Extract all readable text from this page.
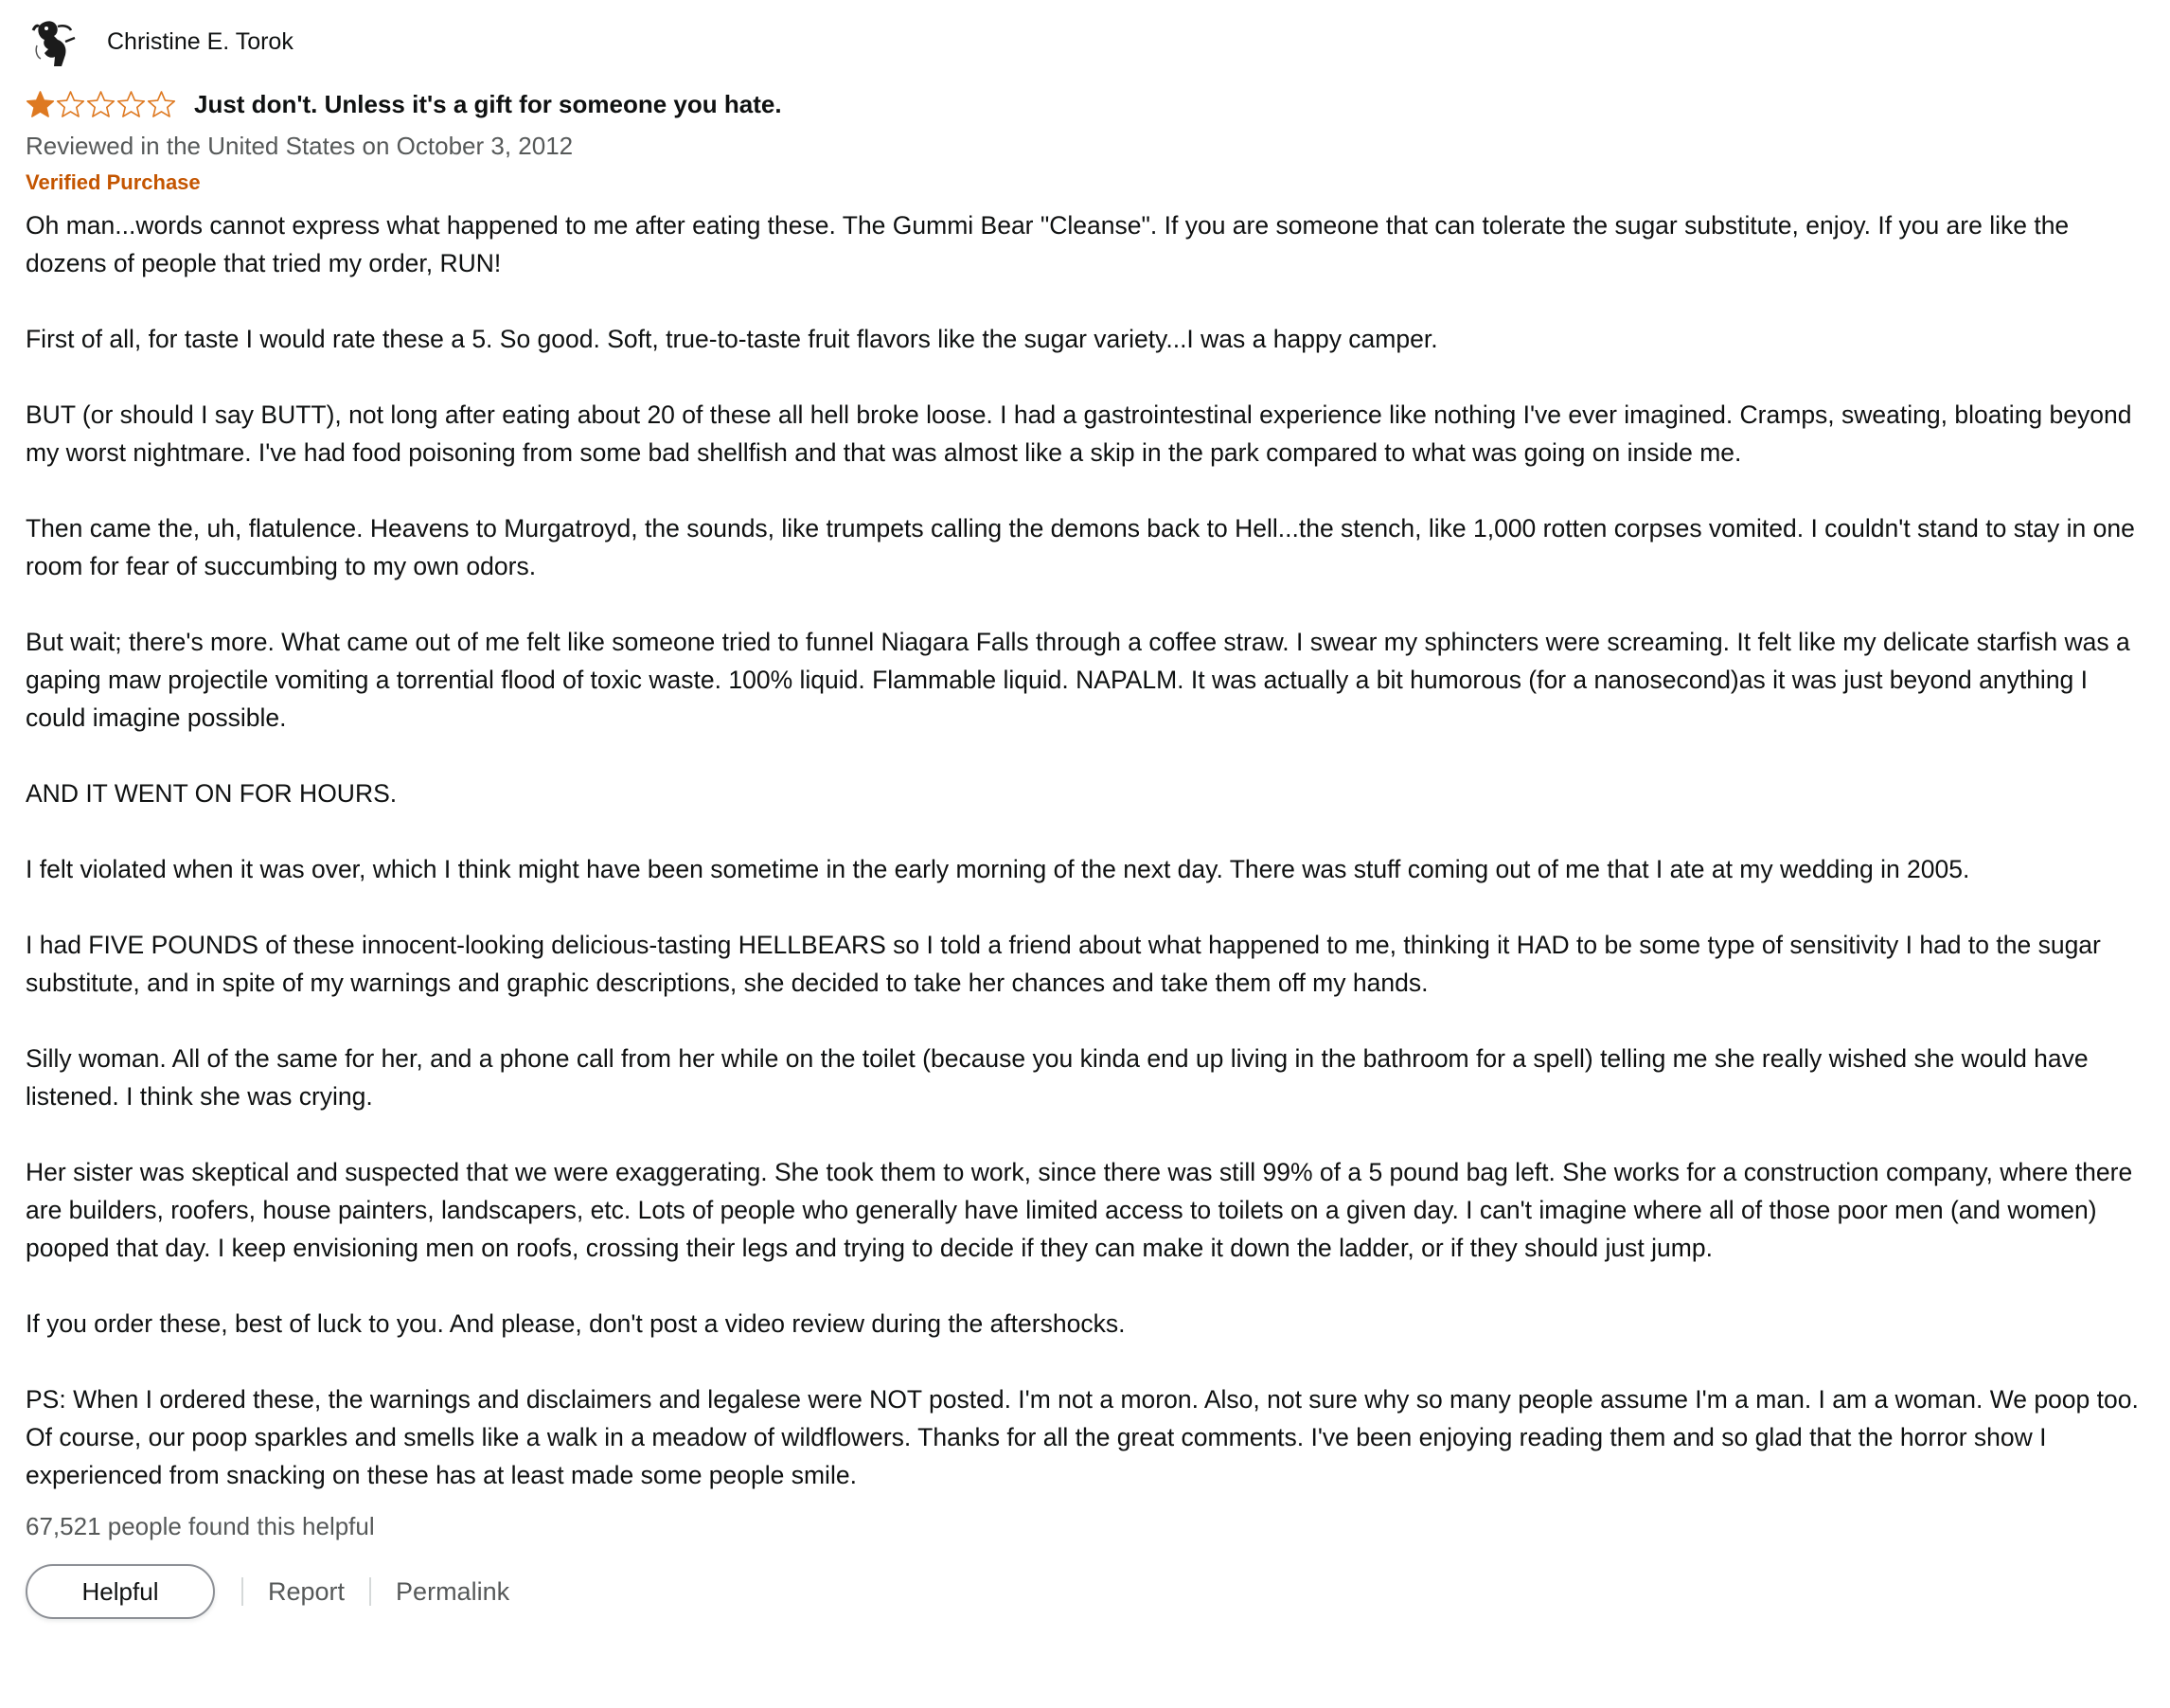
Christine E. Torok
Just don't. Unless it's a gift for someone you hate.
Reviewed in the United States on October 3, 2012
Verified Purchase

Oh man...words cannot express what happened to me after eating these. The Gummi Bear "Cleanse". If you are someone that can tolerate the sugar substitute, enjoy. If you are like the dozens of people that tried my order, RUN!

First of all, for taste I would rate these a 5. So good. Soft, true-to-taste fruit flavors like the sugar variety...I was a happy camper.

BUT (or should I say BUTT), not long after eating about 20 of these all hell broke loose. I had a gastrointestinal experience like nothing I've ever imagined. Cramps, sweating, bloating beyond my worst nightmare. I've had food poisoning from some bad shellfish and that was almost like a skip in the park compared to what was going on inside me.

Then came the, uh, flatulence. Heavens to Murgatroyd, the sounds, like trumpets calling the demons back to Hell...the stench, like 1,000 rotten corpses vomited. I couldn't stand to stay in one room for fear of succumbing to my own odors.

But wait; there's more. What came out of me felt like someone tried to funnel Niagara Falls through a coffee straw. I swear my sphincters were screaming. It felt like my delicate starfish was a gaping maw projectile vomiting a torrential flood of toxic waste. 100% liquid. Flammable liquid. NAPALM. It was actually a bit humorous (for a nanosecond)as it was just beyond anything I could imagine possible.

AND IT WENT ON FOR HOURS.

I felt violated when it was over, which I think might have been sometime in the early morning of the next day. There was stuff coming out of me that I ate at my wedding in 2005.

I had FIVE POUNDS of these innocent-looking delicious-tasting HELLBEARS so I told a friend about what happened to me, thinking it HAD to be some type of sensitivity I had to the sugar substitute, and in spite of my warnings and graphic descriptions, she decided to take her chances and take them off my hands.

Silly woman. All of the same for her, and a phone call from her while on the toilet (because you kinda end up living in the bathroom for a spell) telling me she really wished she would have listened. I think she was crying.

Her sister was skeptical and suspected that we were exaggerating. She took them to work, since there was still 99% of a 5 pound bag left. She works for a construction company, where there are builders, roofers, house painters, landscapers, etc. Lots of people who generally have limited access to toilets on a given day. I can't imagine where all of those poor men (and women) pooped that day. I keep envisioning men on roofs, crossing their legs and trying to decide if they can make it down the ladder, or if they should just jump.

If you order these, best of luck to you. And please, don't post a video review during the aftershocks.

PS: When I ordered these, the warnings and disclaimers and legalese were NOT posted. I'm not a moron. Also, not sure why so many people assume I'm a man. I am a woman. We poop too. Of course, our poop sparkles and smells like a walk in a meadow of wildflowers. Thanks for all the great comments. I've been enjoying reading them and so glad that the horror show I experienced from snacking on these has at least made some people smile.

67,521 people found this helpful
Helpful	Report Permalink
